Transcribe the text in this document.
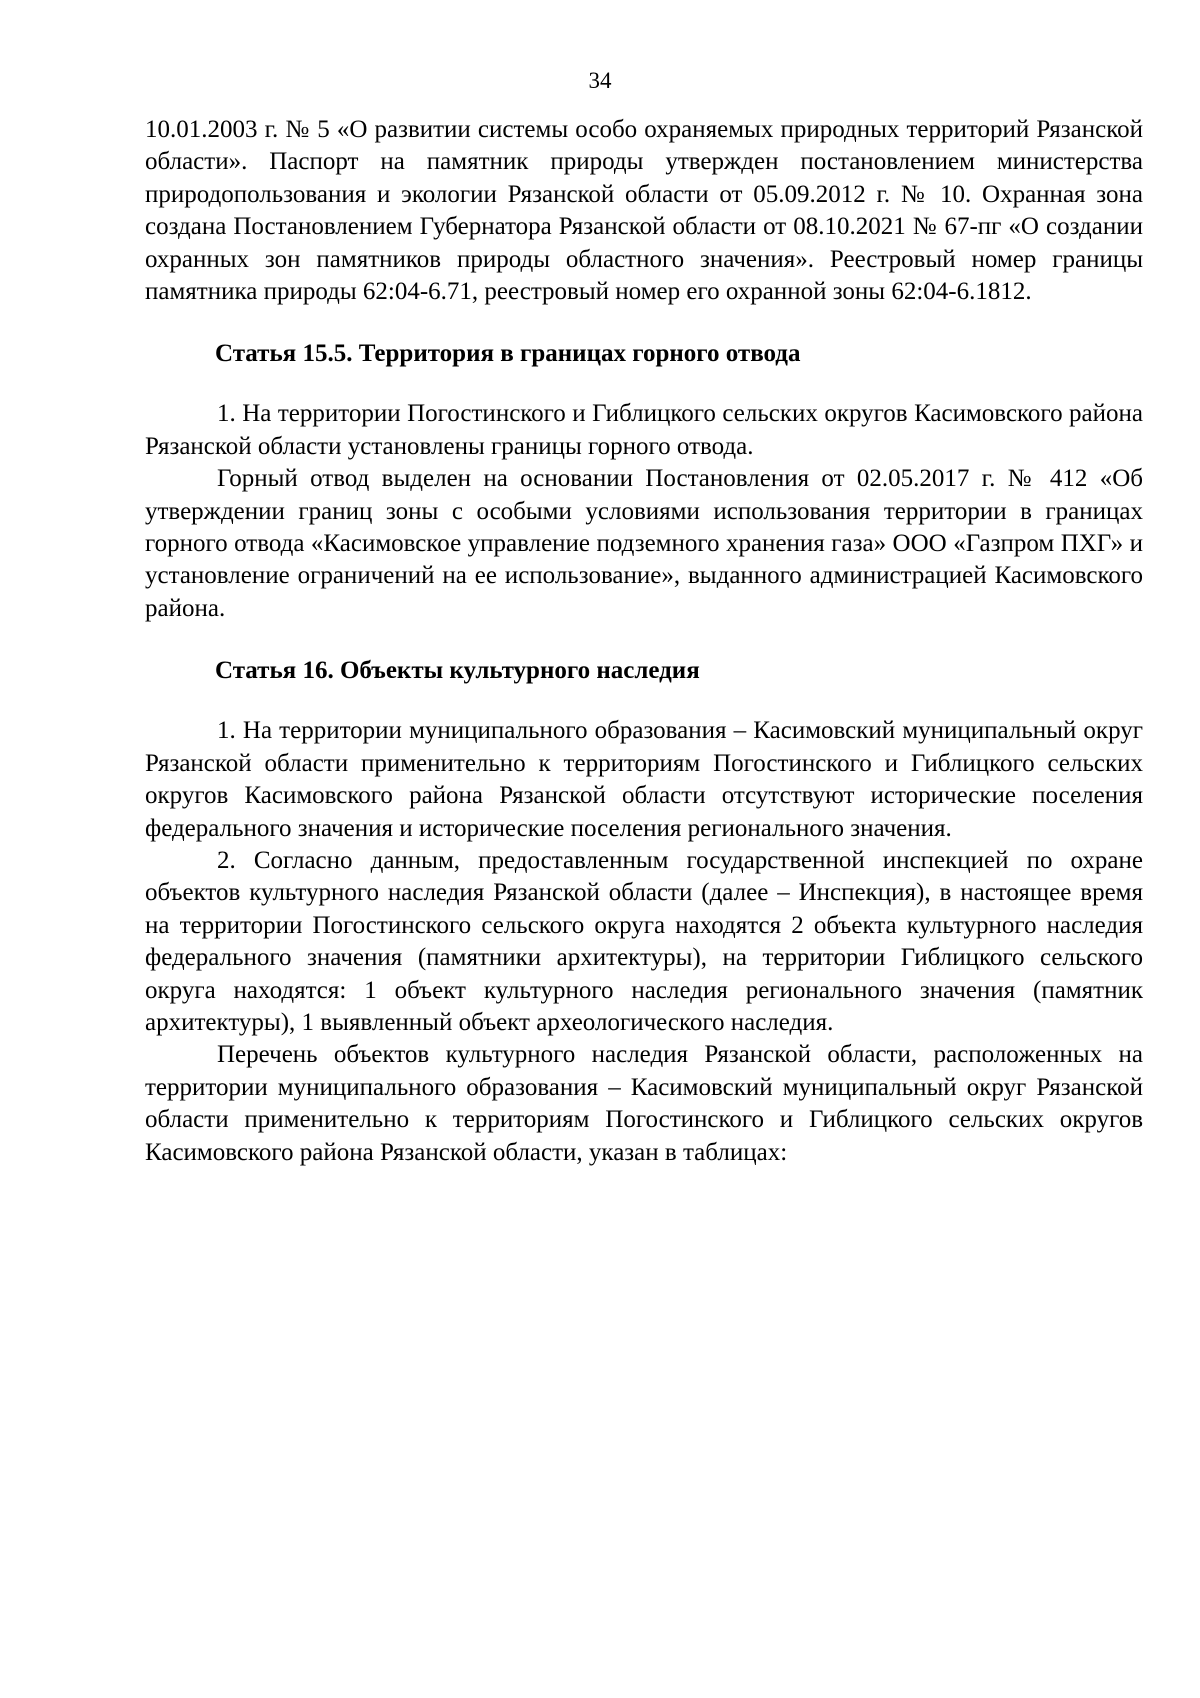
34

10.01.2003 г. № 5 «О развитии системы особо охраняемых природных территорий Рязанской области». Паспорт на памятник природы утвержден постановлением министерства природопользования и экологии Рязанской области от 05.09.2012 г. № 10. Охранная зона создана Постановлением Губернатора Рязанской области от 08.10.2021 № 67-пг «О создании охранных зон памятников природы областного значения». Реестровый номер границы памятника природы 62:04-6.71, реестровый номер его охранной зоны 62:04-6.1812.

Статья 15.5. Территория в границах горного отвода

1. На территории Погостинского и Гиблицкого сельских округов Касимовского района Рязанской области установлены границы горного отвода.

Горный отвод выделен на основании Постановления от 02.05.2017 г. № 412 «Об утверждении границ зоны с особыми условиями использования территории в границах горного отвода «Касимовское управление подземного хранения газа» ООО «Газпром ПХГ» и установление ограничений на ее использование», выданного администрацией Касимовского района.

Статья 16. Объекты культурного наследия

1. На территории муниципального образования – Касимовский муниципальный округ Рязанской области применительно к территориям Погостинского и Гиблицкого сельских округов Касимовского района Рязанской области отсутствуют исторические поселения федерального значения и исторические поселения регионального значения.

2. Согласно данным, предоставленным государственной инспекцией по охране объектов культурного наследия Рязанской области (далее – Инспекция), в настоящее время на территории Погостинского сельского округа находятся 2 объекта культурного наследия федерального значения (памятники архитектуры), на территории Гиблицкого сельского округа находятся: 1 объект культурного наследия регионального значения (памятник архитектуры), 1 выявленный объект археологического наследия.

Перечень объектов культурного наследия Рязанской области, расположенных на территории муниципального образования – Касимовский муниципальный округ Рязанской области применительно к территориям Погостинского и Гиблицкого сельских округов Касимовского района Рязанской области, указан в таблицах:
